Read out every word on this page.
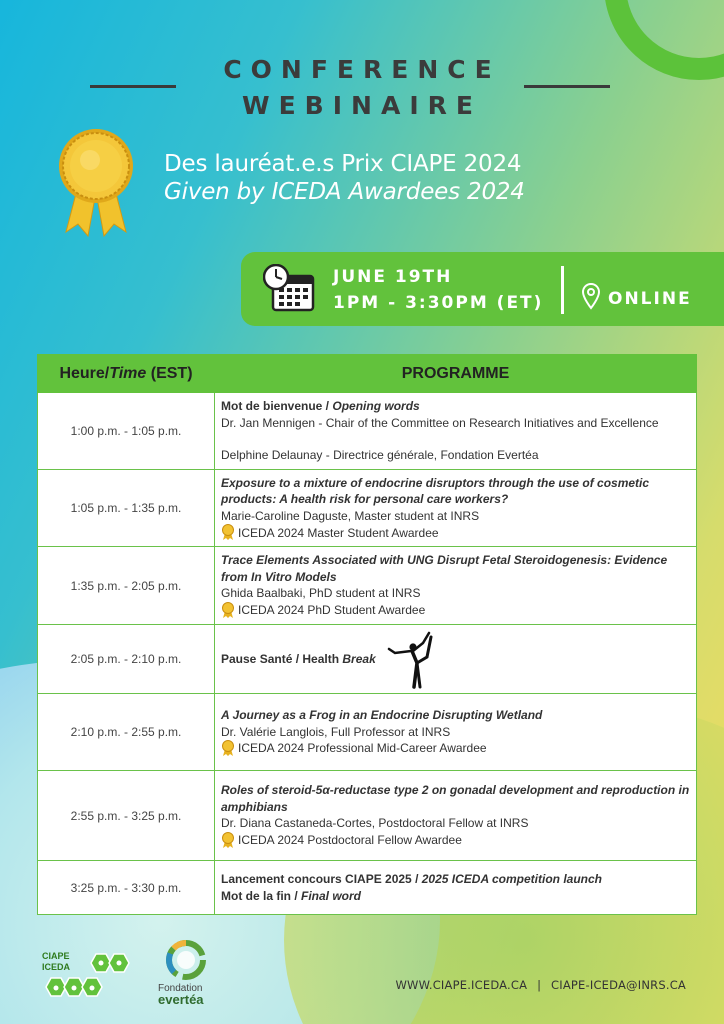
CONFERENCE
WEBINAIRE
Des lauréat.e.s Prix CIAPE 2024
Given by ICEDA Awardees 2024
JUNE 19TH
1PM - 3:30PM (ET)	ONLINE
Heure/Time (EST)	PROGRAMME
1:00 p.m. - 1:05 p.m.	Mot de bienvenue / Opening words
Dr. Jan Mennigen - Chair of the Committee on Research Initiatives and Excellence
Delphine Delaunay - Directrice générale, Fondation Evertéa

1:05 p.m. - 1:35 p.m.	Exposure to a mixture of endocrine disruptors through the use of cosmetic products: A health risk for personal care workers?
Marie-Caroline Daguste, Master student at INRS
ICEDA 2024 Master Student Awardee

1:35 p.m. - 2:05 p.m.	Trace Elements Associated with UNG Disrupt Fetal Steroidogenesis: Evidence from In Vitro Models
Ghida Baalbaki, PhD student at INRS
ICEDA 2024 PhD Student Awardee

2:05 p.m. - 2:10 p.m.	Pause Santé / Health Break

2:10 p.m. - 2:55 p.m.	A Journey as a Frog in an Endocrine Disrupting Wetland
Dr. Valérie Langlois, Full Professor at INRS
ICEDA 2024 Professional Mid-Career Awardee

2:55 p.m. - 3:25 p.m.	Roles of steroid-5α-reductase type 2 on gonadal development and reproduction in amphibians
Dr. Diana Castaneda-Cortes, Postdoctoral Fellow at INRS
ICEDA 2024 Postdoctoral Fellow Awardee

3:25 p.m. - 3:30 p.m.	Lancement concours CIAPE 2025 / 2025 ICEDA competition launch
Mot de la fin / Final word
CIAPE
ICEDA
Fondation
evertéa
WWW.CIAPE.ICEDA.CA | CIAPE-ICEDA@INRS.CA
